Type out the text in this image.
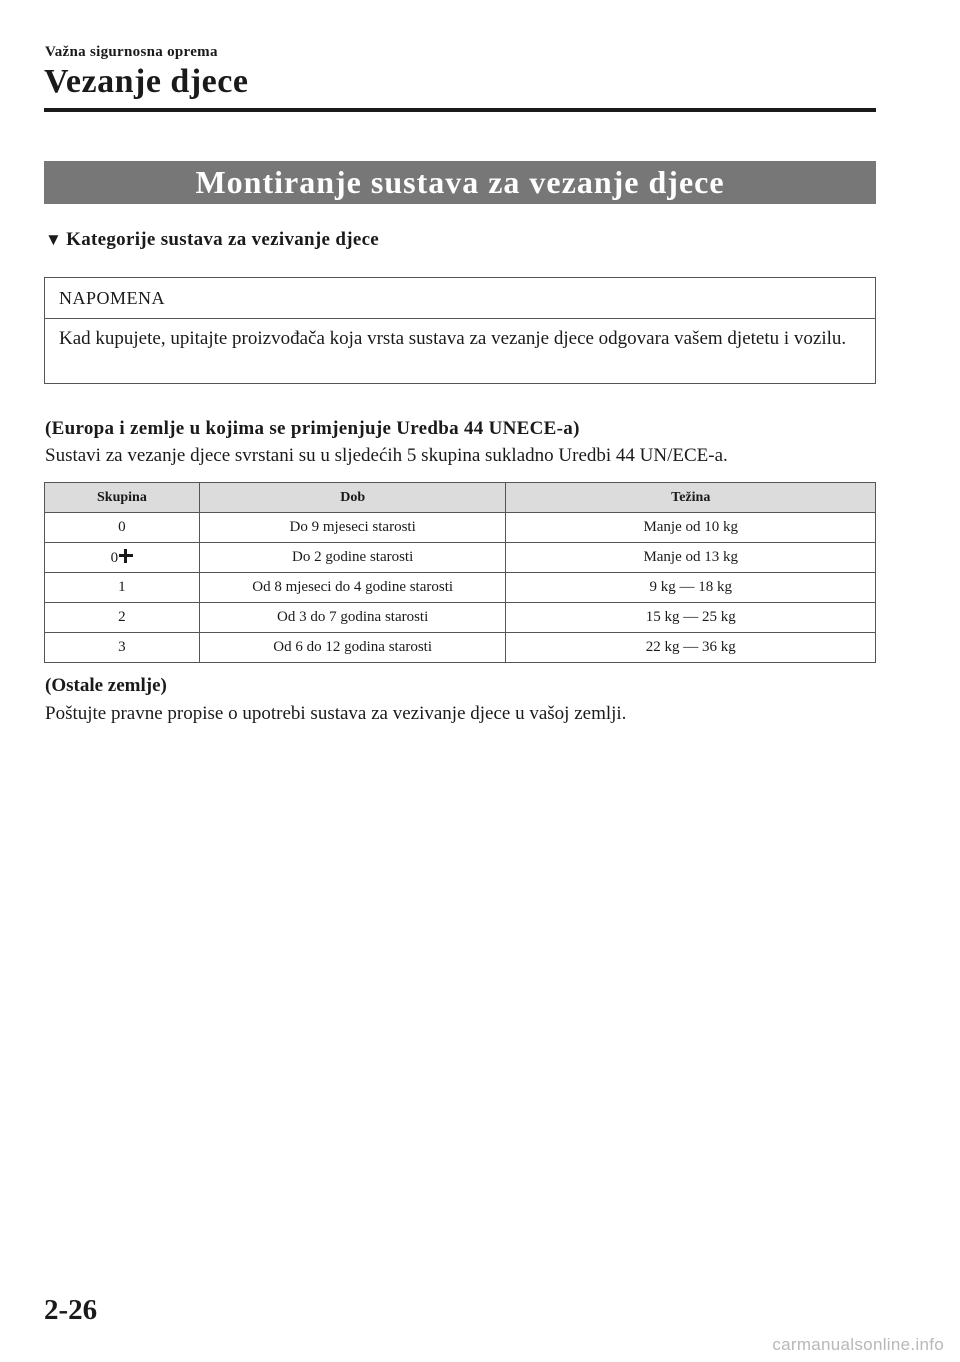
Važna sigurnosna oprema
Vezanje djece
Montiranje sustava za vezanje djece
▼ Kategorije sustava za vezivanje djece
NAPOMENA
Kad kupujete, upitajte proizvođača koja vrsta sustava za vezanje djece odgovara vašem djetetu i vozilu.
(Europa i zemlje u kojima se primjenjuje Uredba 44 UNECE-a)
Sustavi za vezanje djece svrstani su u sljedećih 5 skupina sukladno Uredbi 44 UN/ECE-a.
Skupina	Dob	Težina
0	Do 9 mjeseci starosti	Manje od 10 kg
0	Do 2 godine starosti	Manje od 13 kg
1	Od 8 mjeseci do 4 godine starosti	9 kg ― 18 kg
2	Od 3 do 7 godina starosti	15 kg ― 25 kg
3	Od 6 do 12 godina starosti	22 kg ― 36 kg
(Ostale zemlje)
Poštujte pravne propise o upotrebi sustava za vezivanje djece u vašoj zemlji.
2-26
carmanualsonline.info
